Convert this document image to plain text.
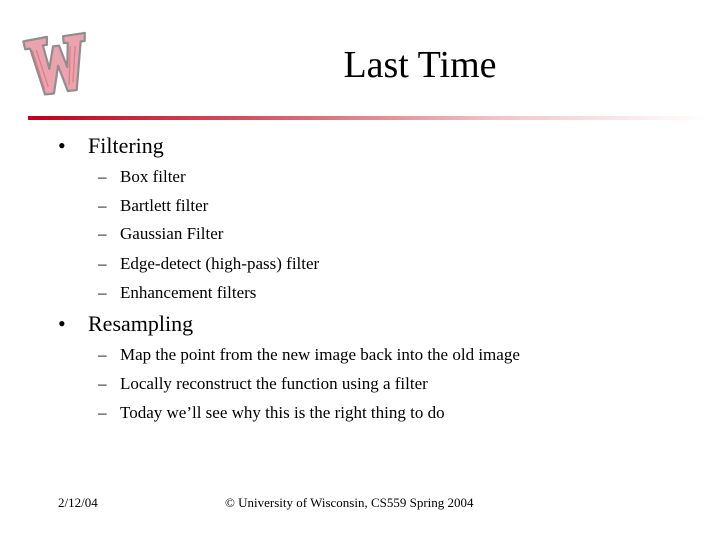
Last Time
• Filtering
– Box filter
– Bartlett filter
– Gaussian Filter
– Edge-detect (high-pass) filter
– Enhancement filters
• Resampling
– Map the point from the new image back into the old image
– Locally reconstruct the function using a filter
– Today we’ll see why this is the right thing to do
2/12/04	© University of Wisconsin, CS559 Spring 2004
